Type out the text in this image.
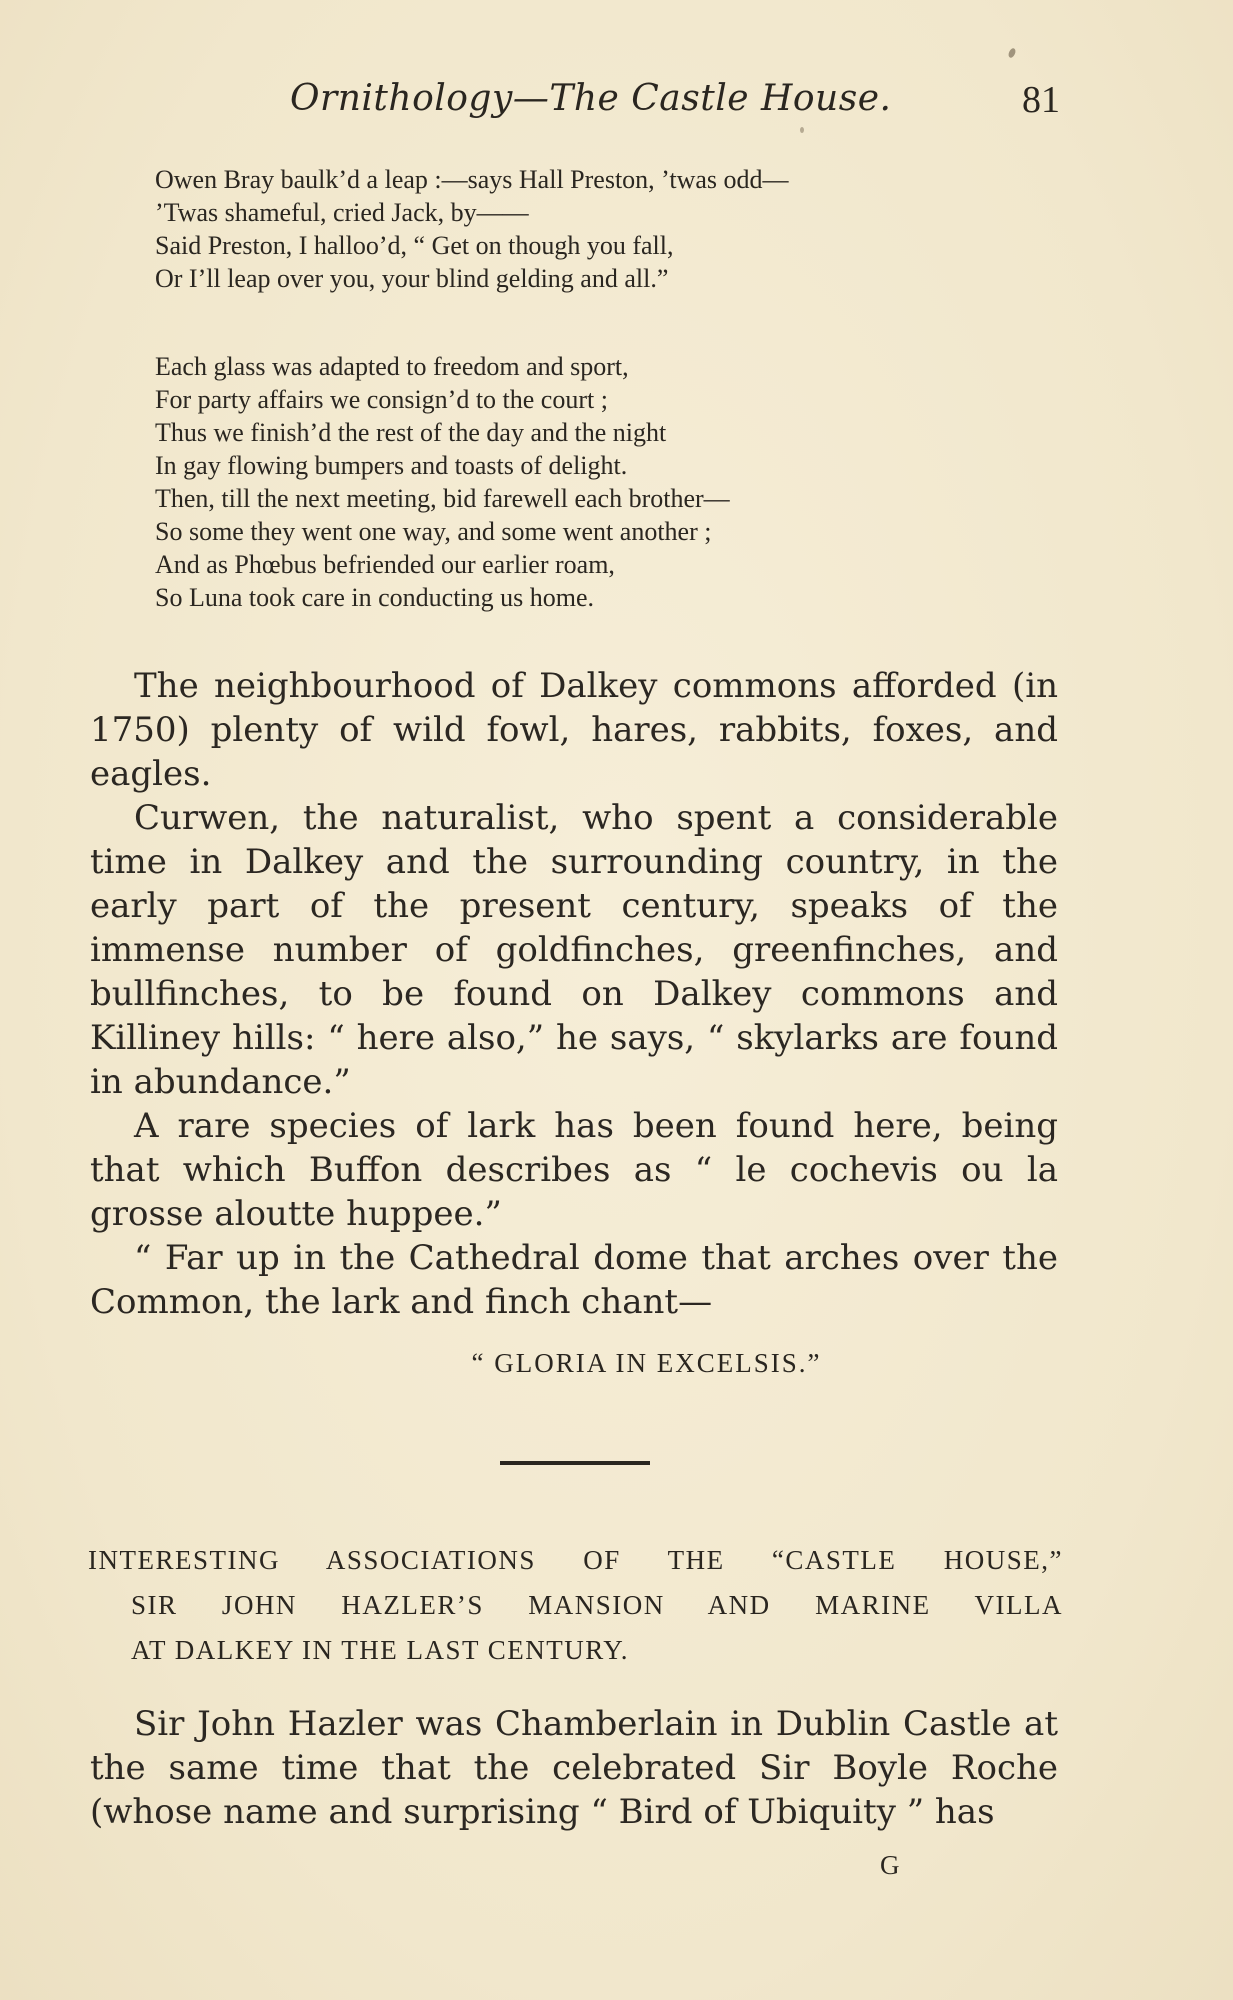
Ornithology—The Castle House.	81
Owen Bray baulk’d a leap :—says Hall Preston, ’twas odd—
’Twas shameful, cried Jack, by——
Said Preston, I halloo’d, “ Get on though you fall,
Or I’ll leap over you, your blind gelding and all.”
Each glass was adapted to freedom and sport,
For party affairs we consign’d to the court ;
Thus we finish’d the rest of the day and the night
In gay flowing bumpers and toasts of delight.
Then, till the next meeting, bid farewell each brother—
So some they went one way, and some went another ;
And as Phœbus befriended our earlier roam,
So Luna took care in conducting us home.

The neighbourhood of Dalkey commons afforded (in 1750) plenty of wild fowl, hares, rabbits, foxes, and eagles.

Curwen, the naturalist, who spent a considerable time in Dalkey and the surrounding country, in the early part of the present century, speaks of the immense number of goldfinches, greenfinches, and bullfinches, to be found on Dalkey commons and Killiney hills: “ here also,” he says, “ skylarks are found in abundance.”

A rare species of lark has been found here, being that which Buffon describes as “ le cochevis ou la grosse aloutte huppee.”

“ Far up in the Cathedral dome that arches over the Common, the lark and finch chant—

“ GLORIA IN EXCELSIS.”
INTERESTING ASSOCIATIONS OF THE “CASTLE HOUSE,”
SIR JOHN HAZLER’S MANSION AND MARINE VILLA
AT DALKEY IN THE LAST CENTURY.

Sir John Hazler was Chamberlain in Dublin Castle at the same time that the celebrated Sir Boyle Roche (whose name and surprising “ Bird of Ubiquity ” has

G
